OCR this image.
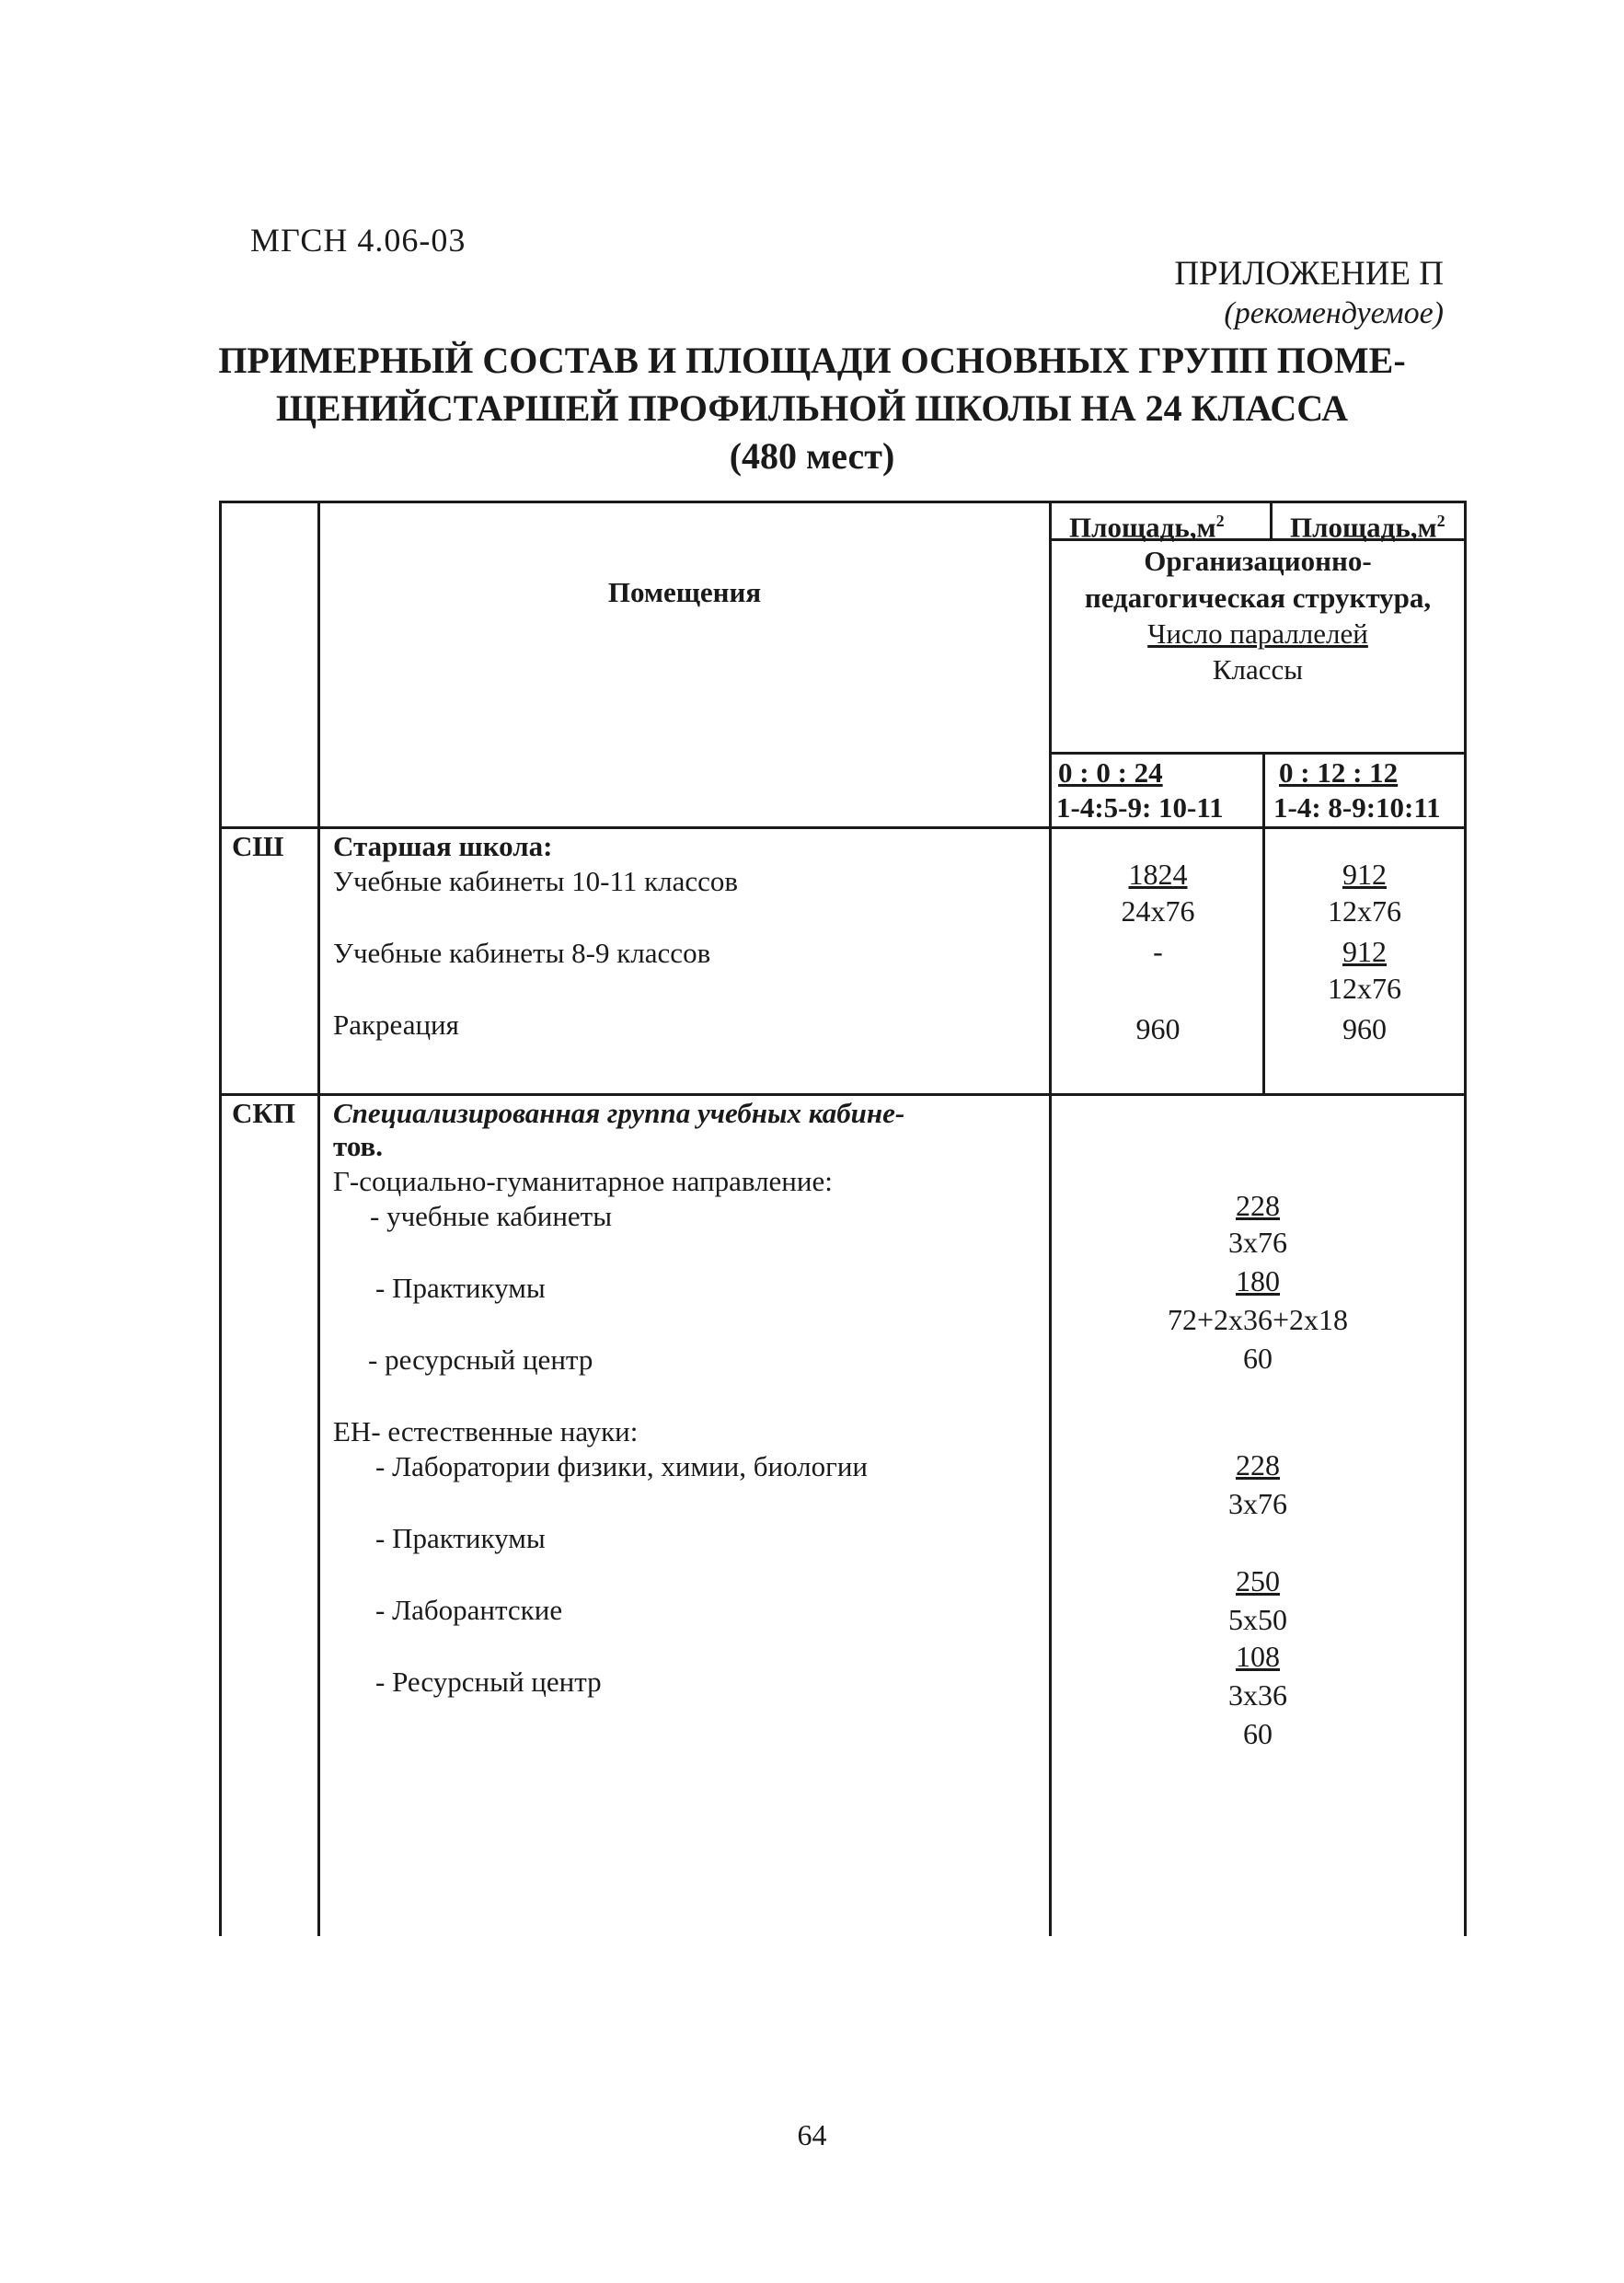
МГСН 4.06-03
ПРИЛОЖЕНИЕ П
(рекомендуемое)
ПРИМЕРНЫЙ СОСТАВ И ПЛОЩАДИ ОСНОВНЫХ ГРУПП ПОМЕ-
ЩЕНИЙСТАРШЕЙ ПРОФИЛЬНОЙ ШКОЛЫ НА 24 КЛАССА
(480 мест)
Помещения
$Площадь,м^2$ $Площадь,м^2$
Организационно-
педагогическая структура,
Число параллелей
Классы
0 : 0 : 24
1-4:5-9: 10-11
0 : 12 : 12
1-4: 8-9:10:11
СШ Старшая школа:
Учебные кабинеты 10-11 классов
Учебные кабинеты 8-9 классов
Ракреация
1824
24х76
-
960
912
12х76
912
12х76
960
СКП Специализированная группа учебных кабине-
тов.
Г-социально-гуманитарное направление:
- учебные кабинеты
- Практикумы
- ресурсный центр
ЕН- естественные науки:
- Лаборатории физики, химии, биологии
- Практикумы
- Лаборантские
- Ресурсный центр
228
3х76
180
72+2х36+2х18
60
228
3х76
250
5х50
108
3х36
60
64
